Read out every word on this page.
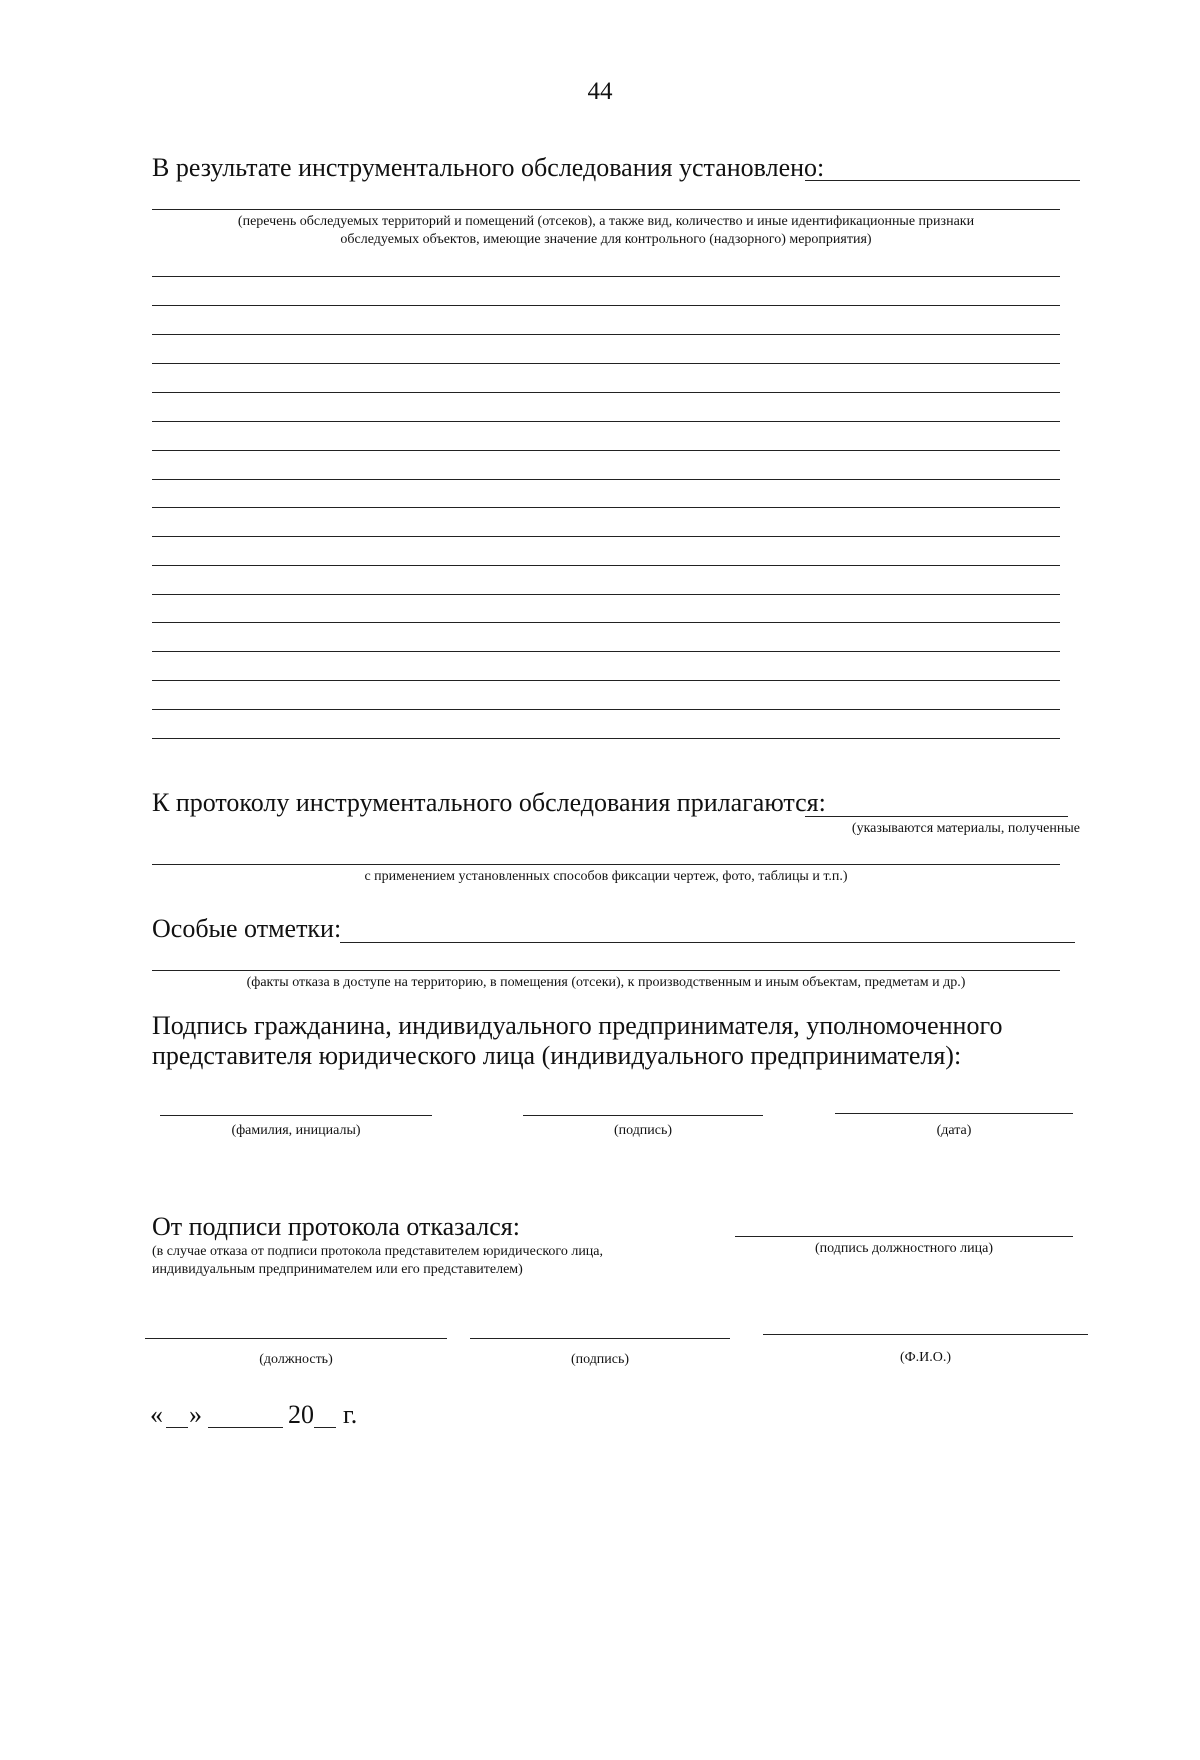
44
В результате инструментального обследования установлено:
(перечень обследуемых территорий и помещений (отсеков), а также вид, количество и иные идентификационные признаки
обследуемых объектов, имеющие значение для контрольного (надзорного) мероприятия)
К протоколу инструментального обследования прилагаются:
(указываются материалы, полученные
с применением установленных способов фиксации чертеж, фото, таблицы и т.п.)
Особые отметки:
(факты отказа в доступе на территорию, в помещения (отсеки), к производственным и иным объектам, предметам и др.)
Подпись гражданина, индивидуального предпринимателя, уполномоченного
представителя юридического лица (индивидуального предпринимателя):
(фамилия, инициалы)	(подпись)	(дата)
От подписи протокола отказался:
(подпись должностного лица)
(в случае отказа от подписи протокола представителем юридического лица,
индивидуальным предпринимателем или его представителем)
(должность)	(подпись)	(Ф.И.О.)
« »	20 г.
